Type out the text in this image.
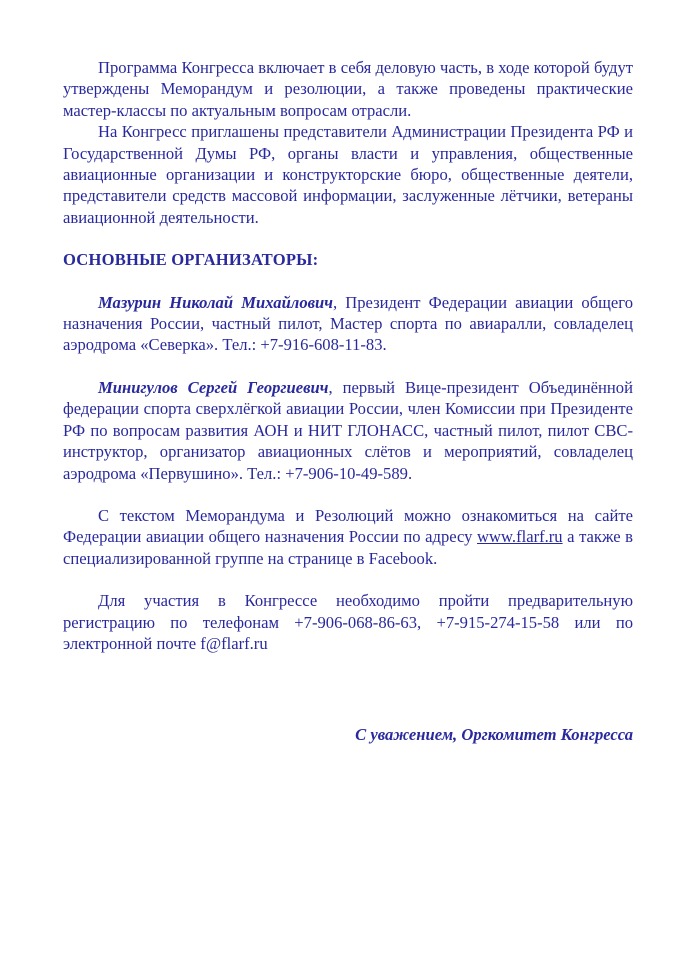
Программа Конгресса включает в себя деловую часть, в ходе которой будут утверждены Меморандум и резолюции, а также проведены практические мастер-классы по актуальным вопросам отрасли.

На Конгресс приглашены представители Администрации Президента РФ и Государственной Думы РФ, органы власти и управления, общественные авиационные организации и конструкторские бюро, общественные деятели, представители средств массовой информации, заслуженные лётчики, ветераны авиационной деятельности.

ОСНОВНЫЕ ОРГАНИЗАТОРЫ:

Мазурин Николай Михайлович, Президент Федерации авиации общего назначения России, частный пилот, Мастер спорта по авиаралли, совладелец аэродрома «Северка». Тел.: +7-916-608-11-83.

Минигулов Сергей Георгиевич, первый Вице-президент Объединённой федерации спорта сверхлёгкой авиации России, член Комиссии при Президенте РФ по вопросам развития АОН и НИТ ГЛОНАСС, частный пилот, пилот СВС-инструктор, организатор авиационных слётов и мероприятий, совладелец аэродрома «Первушино». Тел.: +7-906-10-49-589.

С текстом Меморандума и Резолюций можно ознакомиться на сайте Федерации авиации общего назначения России по адресу www.flarf.ru а также в специализированной группе на странице в Facebook.

Для участия в Конгрессе необходимо пройти предварительную регистрацию по телефонам +7-906-068-86-63, +7-915-274-15-58 или по электронной почте f@flarf.ru

С уважением, Оргкомитет Конгресса
